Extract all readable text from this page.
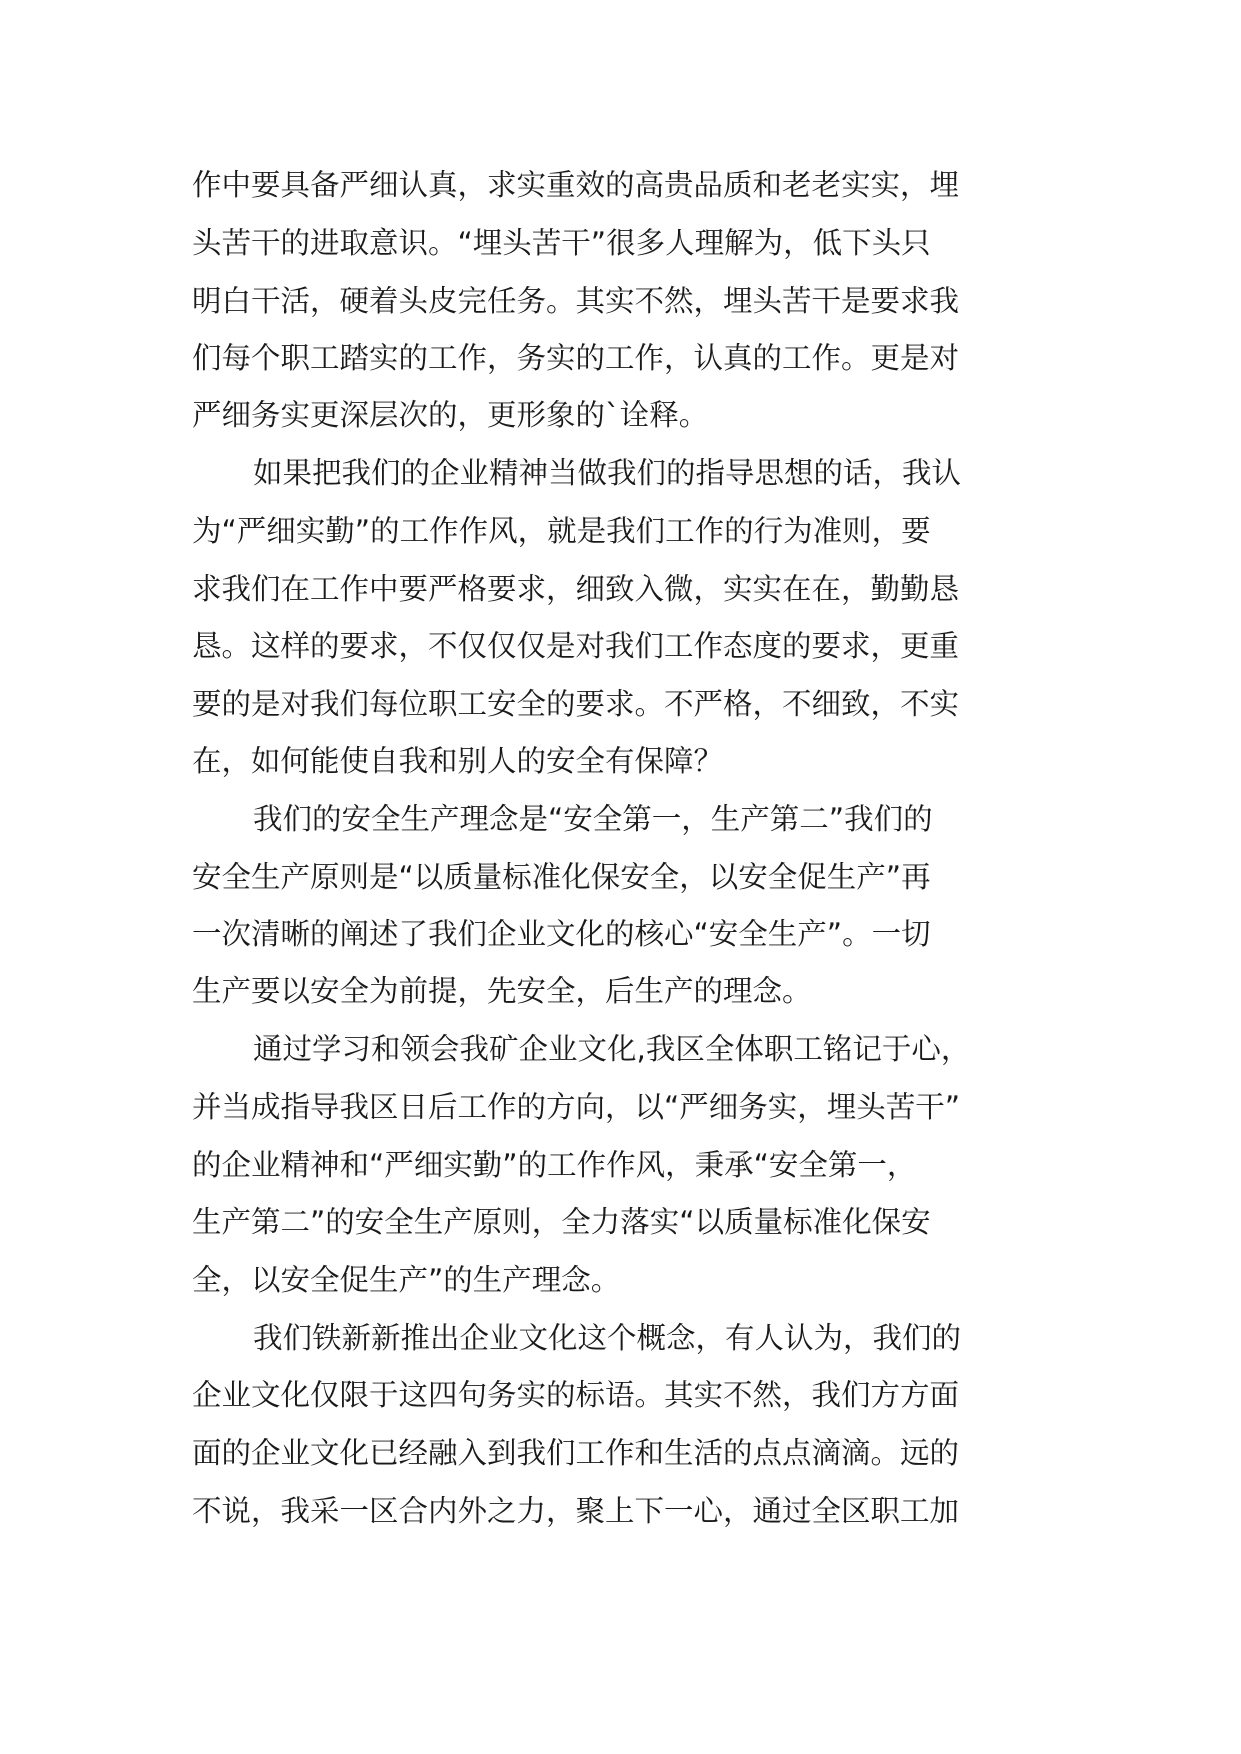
作中要具备严细认真，求实重效的高贵品质和老老实实，埋
头苦干的进取意识。“埋头苦干”很多人理解为，低下头只
明白干活，硬着头皮完任务。其实不然，埋头苦干是要求我
们每个职工踏实的工作，务实的工作，认真的工作。更是对
严细务实更深层次的，更形象的`诠释。
如果把我们的企业精神当做我们的指导思想的话，我认
为“严细实勤”的工作作风，就是我们工作的行为准则，要
求我们在工作中要严格要求，细致入微，实实在在，勤勤恳
恳。这样的要求，不仅仅仅是对我们工作态度的要求，更重
要的是对我们每位职工安全的要求。不严格，不细致，不实
在，如何能使自我和别人的安全有保障？
我们的安全生产理念是“安全第一，生产第二”我们的
安全生产原则是“以质量标准化保安全，以安全促生产”再
一次清晰的阐述了我们企业文化的核心“安全生产”。一切
生产要以安全为前提，先安全，后生产的理念。
通过学习和领会我矿企业文化,我区全体职工铭记于心，
并当成指导我区日后工作的方向，以“严细务实，埋头苦干”
的企业精神和“严细实勤”的工作作风，秉承“安全第一，
生产第二”的安全生产原则，全力落实“以质量标准化保安
全，以安全促生产”的生产理念。
我们铁新新推出企业文化这个概念，有人认为，我们的
企业文化仅限于这四句务实的标语。其实不然，我们方方面
面的企业文化已经融入到我们工作和生活的点点滴滴。远的
不说，我采一区合内外之力，聚上下一心，通过全区职工加
